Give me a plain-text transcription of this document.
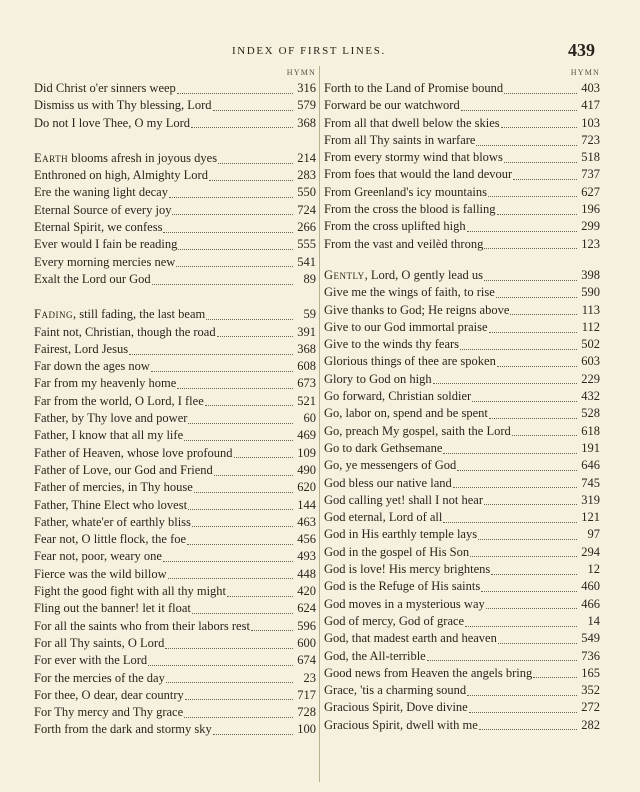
INDEX OF FIRST LINES.	439
HYMN
Did Christ o'er sinners weep	316
Dismiss us with Thy blessing, Lord	579
Do not I love Thee, O my Lord	368
Earth blooms afresh in joyous dyes	214
Enthroned on high, Almighty Lord	283
Ere the waning light decay	550
Eternal Source of every joy	724
Eternal Spirit, we confess	266
Ever would I fain be reading	555
Every morning mercies new	541
Exalt the Lord our God	89
Fading, still fading, the last beam	59
Faint not, Christian, though the road	391
Fairest, Lord Jesus	368
Far down the ages now	608
Far from my heavenly home	673
Far from the world, O Lord, I flee	521
Father, by Thy love and power	60
Father, I know that all my life	469
Father of Heaven, whose love profound	109
Father of Love, our God and Friend	490
Father of mercies, in Thy house	620
Father, Thine Elect who lovest	144
Father, whate'er of earthly bliss	463
Fear not, O little flock, the foe	456
Fear not, poor, weary one	493
Fierce was the wild billow	448
Fight the good fight with all thy might	420
Fling out the banner! let it float	624
For all the saints who from their labors rest	596
For all Thy saints, O Lord	600
For ever with the Lord	674
For the mercies of the day	23
For thee, O dear, dear country	717
For Thy mercy and Thy grace	728
Forth from the dark and stormy sky	100
HYMN
Forth to the Land of Promise bound	403
Forward be our watchword	417
From all that dwell below the skies	103
From all Thy saints in warfare	723
From every stormy wind that blows	518
From foes that would the land devour	737
From Greenland's icy mountains	627
From the cross the blood is falling	196
From the cross uplifted high	299
From the vast and veilèd throng	123
Gently, Lord, O gently lead us	398
Give me the wings of faith, to rise	590
Give thanks to God; He reigns above	113
Give to our God immortal praise	112
Give to the winds thy fears	502
Glorious things of thee are spoken	603
Glory to God on high	229
Go forward, Christian soldier	432
Go, labor on, spend and be spent	528
Go, preach My gospel, saith the Lord	618
Go to dark Gethsemane	191
Go, ye messengers of God	646
God bless our native land	745
God calling yet! shall I not hear	319
God eternal, Lord of all	121
God in His earthly temple lays	97
God in the gospel of His Son	294
God is love! His mercy brightens	12
God is the Refuge of His saints	460
God moves in a mysterious way	466
God of mercy, God of grace	14
God, that madest earth and heaven	549
God, the All-terrible	736
Good news from Heaven the angels bring	165
Grace, 'tis a charming sound	352
Gracious Spirit, Dove divine	272
Gracious Spirit, dwell with me	282
